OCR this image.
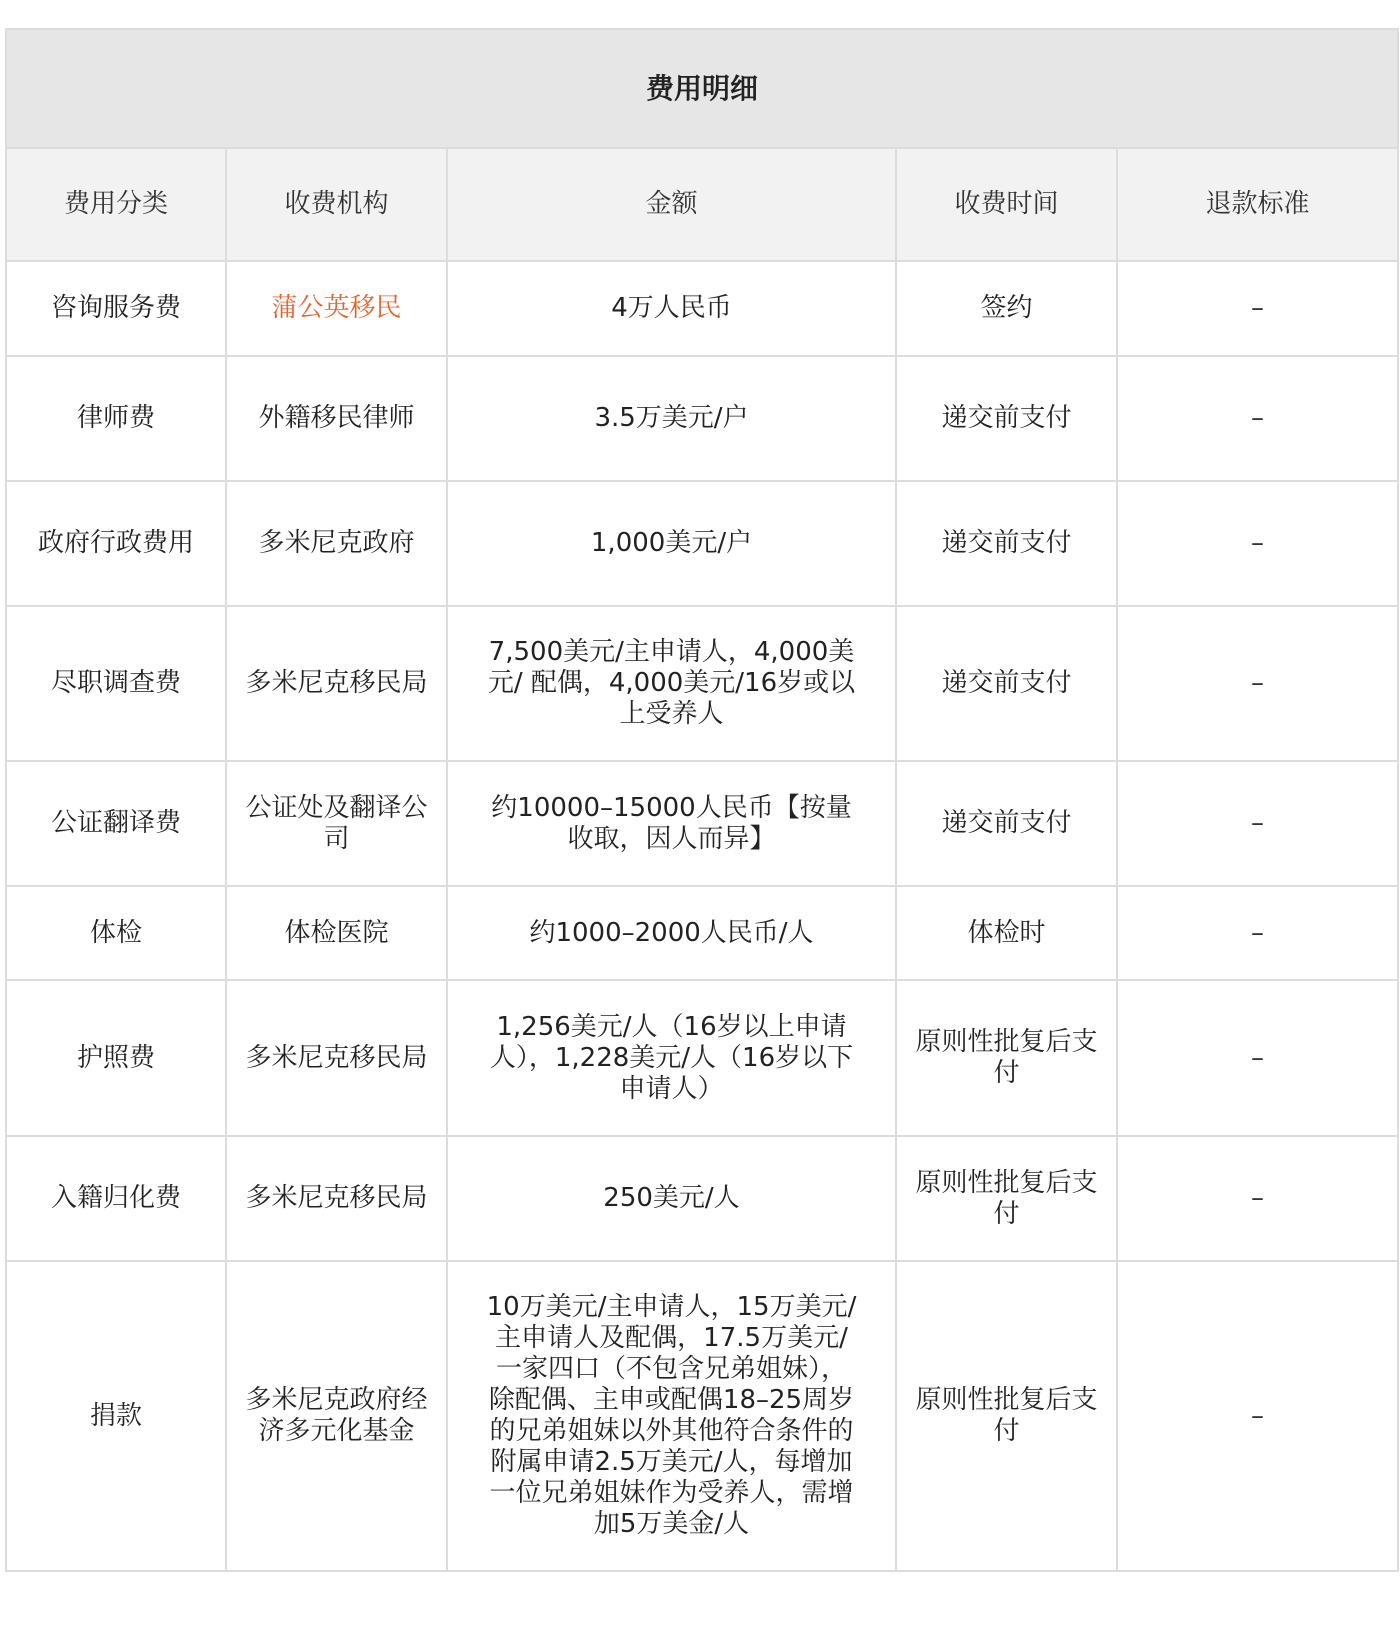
费用明细				
费用分类	收费机构	金额	收费时间	退款标准
咨询服务费	蒲公英移民	4万人民币	签约	–
律师费	外籍移民律师	3.5万美元/户	递交前支付	–
政府行政费用	多米尼克政府	1,000美元/户	递交前支付	–
尽职调查费	多米尼克移民局	7,500美元/主申请人，4,000美元/ 配偶，4,000美元/16岁或以上受养人	递交前支付	–
公证翻译费	公证处及翻译公司	约10000–15000人民币【按量收取，因人而异】	递交前支付	–
体检	体检医院	约1000–2000人民币/人	体检时	–
护照费	多米尼克移民局	1,256美元/人（16岁以上申请人），1,228美元/人（16岁以下申请人）	原则性批复后支付	–
入籍归化费	多米尼克移民局	250美元/人	原则性批复后支付	–
捐款	多米尼克政府经济多元化基金	10万美元/主申请人，15万美元/主申请人及配偶，17.5万美元/一家四口（不包含兄弟姐妹），除配偶、主申或配偶18–25周岁的兄弟姐妹以外其他符合条件的附属申请2.5万美元/人，每增加一位兄弟姐妹作为受养人，需增加5万美金/人	原则性批复后支付	–
